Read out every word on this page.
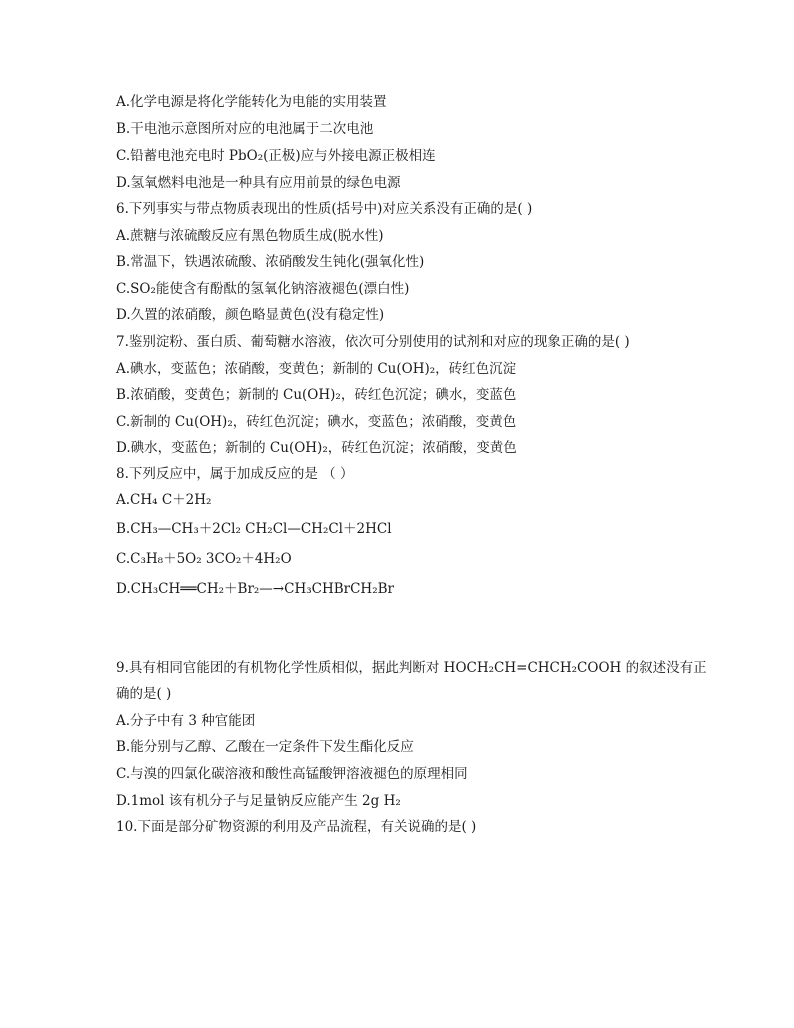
A.化学电源是将化学能转化为电能的实用装置
B.干电池示意图所对应的电池属于二次电池
C.铅蓄电池充电时 PbO₂(正极)应与外接电源正极相连
D.氢氧燃料电池是一种具有应用前景的绿色电源
6.下列事实与带点物质表现出的性质(括号中)对应关系没有正确的是( )
A.蔗糖与浓硫酸反应有黑色物质生成(脱水性)
B.常温下，铁遇浓硫酸、浓硝酸发生钝化(强氧化性)
C.SO₂能使含有酚酞的氢氧化钠溶液褪色(漂白性)
D.久置的浓硝酸，颜色略显黄色(没有稳定性)
7.鉴别淀粉、蛋白质、葡萄糖水溶液，依次可分别使用的试剂和对应的现象正确的是( )
A.碘水，变蓝色；浓硝酸，变黄色；新制的 Cu(OH)₂，砖红色沉淀
B.浓硝酸，变黄色；新制的 Cu(OH)₂，砖红色沉淀；碘水，变蓝色
C.新制的 Cu(OH)₂，砖红色沉淀；碘水，变蓝色；浓硝酸，变黄色
D.碘水，变蓝色；新制的 Cu(OH)₂，砖红色沉淀；浓硝酸，变黄色
8.下列反应中，属于加成反应的是 （ ）
A.CH₄ C＋2H₂
B.CH₃—CH₃＋2Cl₂ CH₂Cl—CH₂Cl＋2HCl
C.C₃H₈＋5O₂ 3CO₂＋4H₂O
D.CH₃CH══CH₂＋Br₂—→CH₃CHBrCH₂Br
9.具有相同官能团的有机物化学性质相似，据此判断对 HOCH₂CH=CHCH₂COOH 的叙述没有正
确的是( )
A.分子中有 3 种官能团
B.能分别与乙醇、乙酸在一定条件下发生酯化反应
C.与溴的四氯化碳溶液和酸性高锰酸钾溶液褪色的原理相同
D.1mol 该有机分子与足量钠反应能产生 2g H₂
10.下面是部分矿物资源的利用及产品流程，有关说确的是( )
